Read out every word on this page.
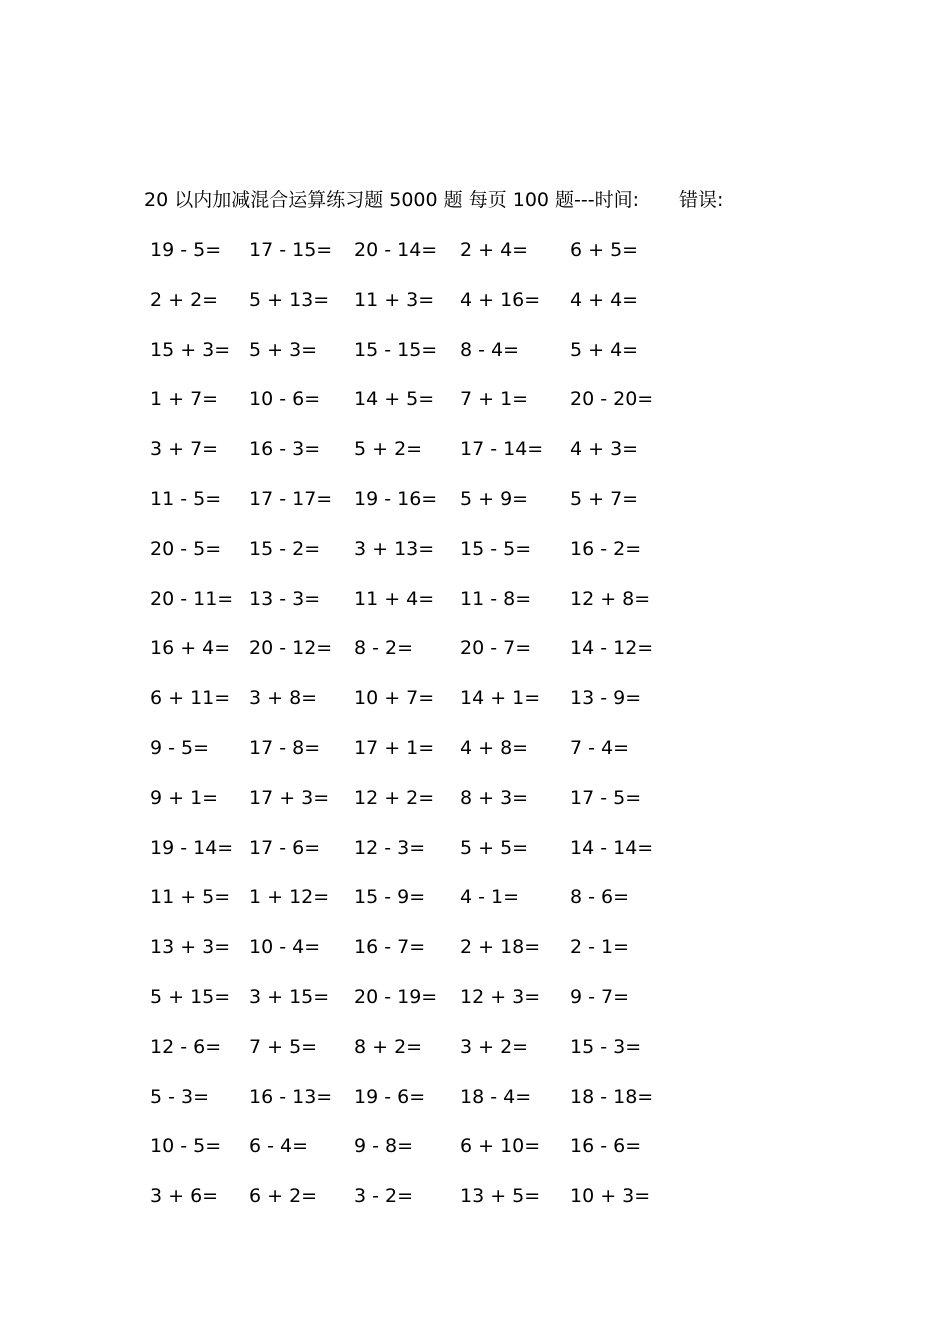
20 以内加减混合运算练习题 5000 题 每页 100 题---时间: 错误:
19 - 5=	17 - 15=	20 - 14=	2 + 4=	6 + 5=
2 + 2=	5 + 13=	11 + 3=	4 + 16=	4 + 4=
15 + 3= 5 + 3=	15 - 15=	8 - 4=	5 + 4=
1 + 7=	10 - 6=	14 + 5=	7 + 1=	20 - 20=
3 + 7=	16 - 3=	5 + 2=	17 - 14=	4 + 3=
11 - 5=	17 - 17=	19 - 16=	5 + 9=	5 + 7=
20 - 5=	15 - 2=	3 + 13=	15 - 5=	16 - 2=
20 - 11= 13 - 3=	11 + 4=	11 - 8=	12 + 8=
16 + 4= 20 - 12=	8 - 2=	20 - 7=	14 - 12=
6 + 11= 3 + 8=	10 + 7=	14 + 1=	13 - 9=
9 - 5=	17 - 8=	17 + 1=	4 + 8=	7 - 4=
9 + 1=	17 + 3=	12 + 2=	8 + 3=	17 - 5=
19 - 14= 17 - 6=	12 - 3=	5 + 5=	14 - 14=
11 + 5= 1 + 12=	15 - 9=	4 - 1=	8 - 6=
13 + 3= 10 - 4=	16 - 7=	2 + 18=	2 - 1=
5 + 15= 3 + 15=	20 - 19=	12 + 3=	9 - 7=
12 - 6=	7 + 5=	8 + 2=	3 + 2=	15 - 3=
5 - 3=	16 - 13=	19 - 6=	18 - 4=	18 - 18=
10 - 5=	6 - 4=	9 - 8=	6 + 10=	16 - 6=
3 + 6=	6 + 2=	3 - 2=	13 + 5=	10 + 3=
